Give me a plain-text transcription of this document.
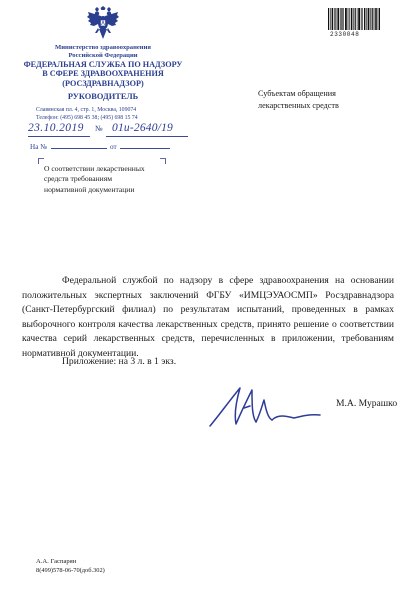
Министерство здравоохранения
Российской Федерации
ФЕДЕРАЛЬНАЯ СЛУЖБА ПО НАДЗОРУ
В СФЕРЕ ЗДРАВООХРАНЕНИЯ
(РОСЗДРАВНАДЗОР)
РУКОВОДИТЕЛЬ
Славянская пл. 4, стр. 1, Москва, 109074
Телефон: (495) 698 45 38; (495) 698 15 74
23.10.2019 № 01и-2640/19
На №	от
О соответствии лекарственных
средств требованиям
нормативной документации
2330048
Субъектам обращения
лекарственных средств
Федеральной службой по надзору в сфере здравоохранения на основании положительных экспертных заключений ФГБУ «ИМЦЭУАОСМП» Росздравнадзора (Санкт-Петербургский филиал) по результатам испытаний, проведенных в рамках выборочного контроля качества лекарственных средств, принято решение о соответствии качества серий лекарственных средств, перечисленных в приложении, требованиям нормативной документации.
Приложение: на 3 л. в 1 экз.
М.А. Мурашко
А.А. Гаспарян
8(499)578-06-70(доб.302)
